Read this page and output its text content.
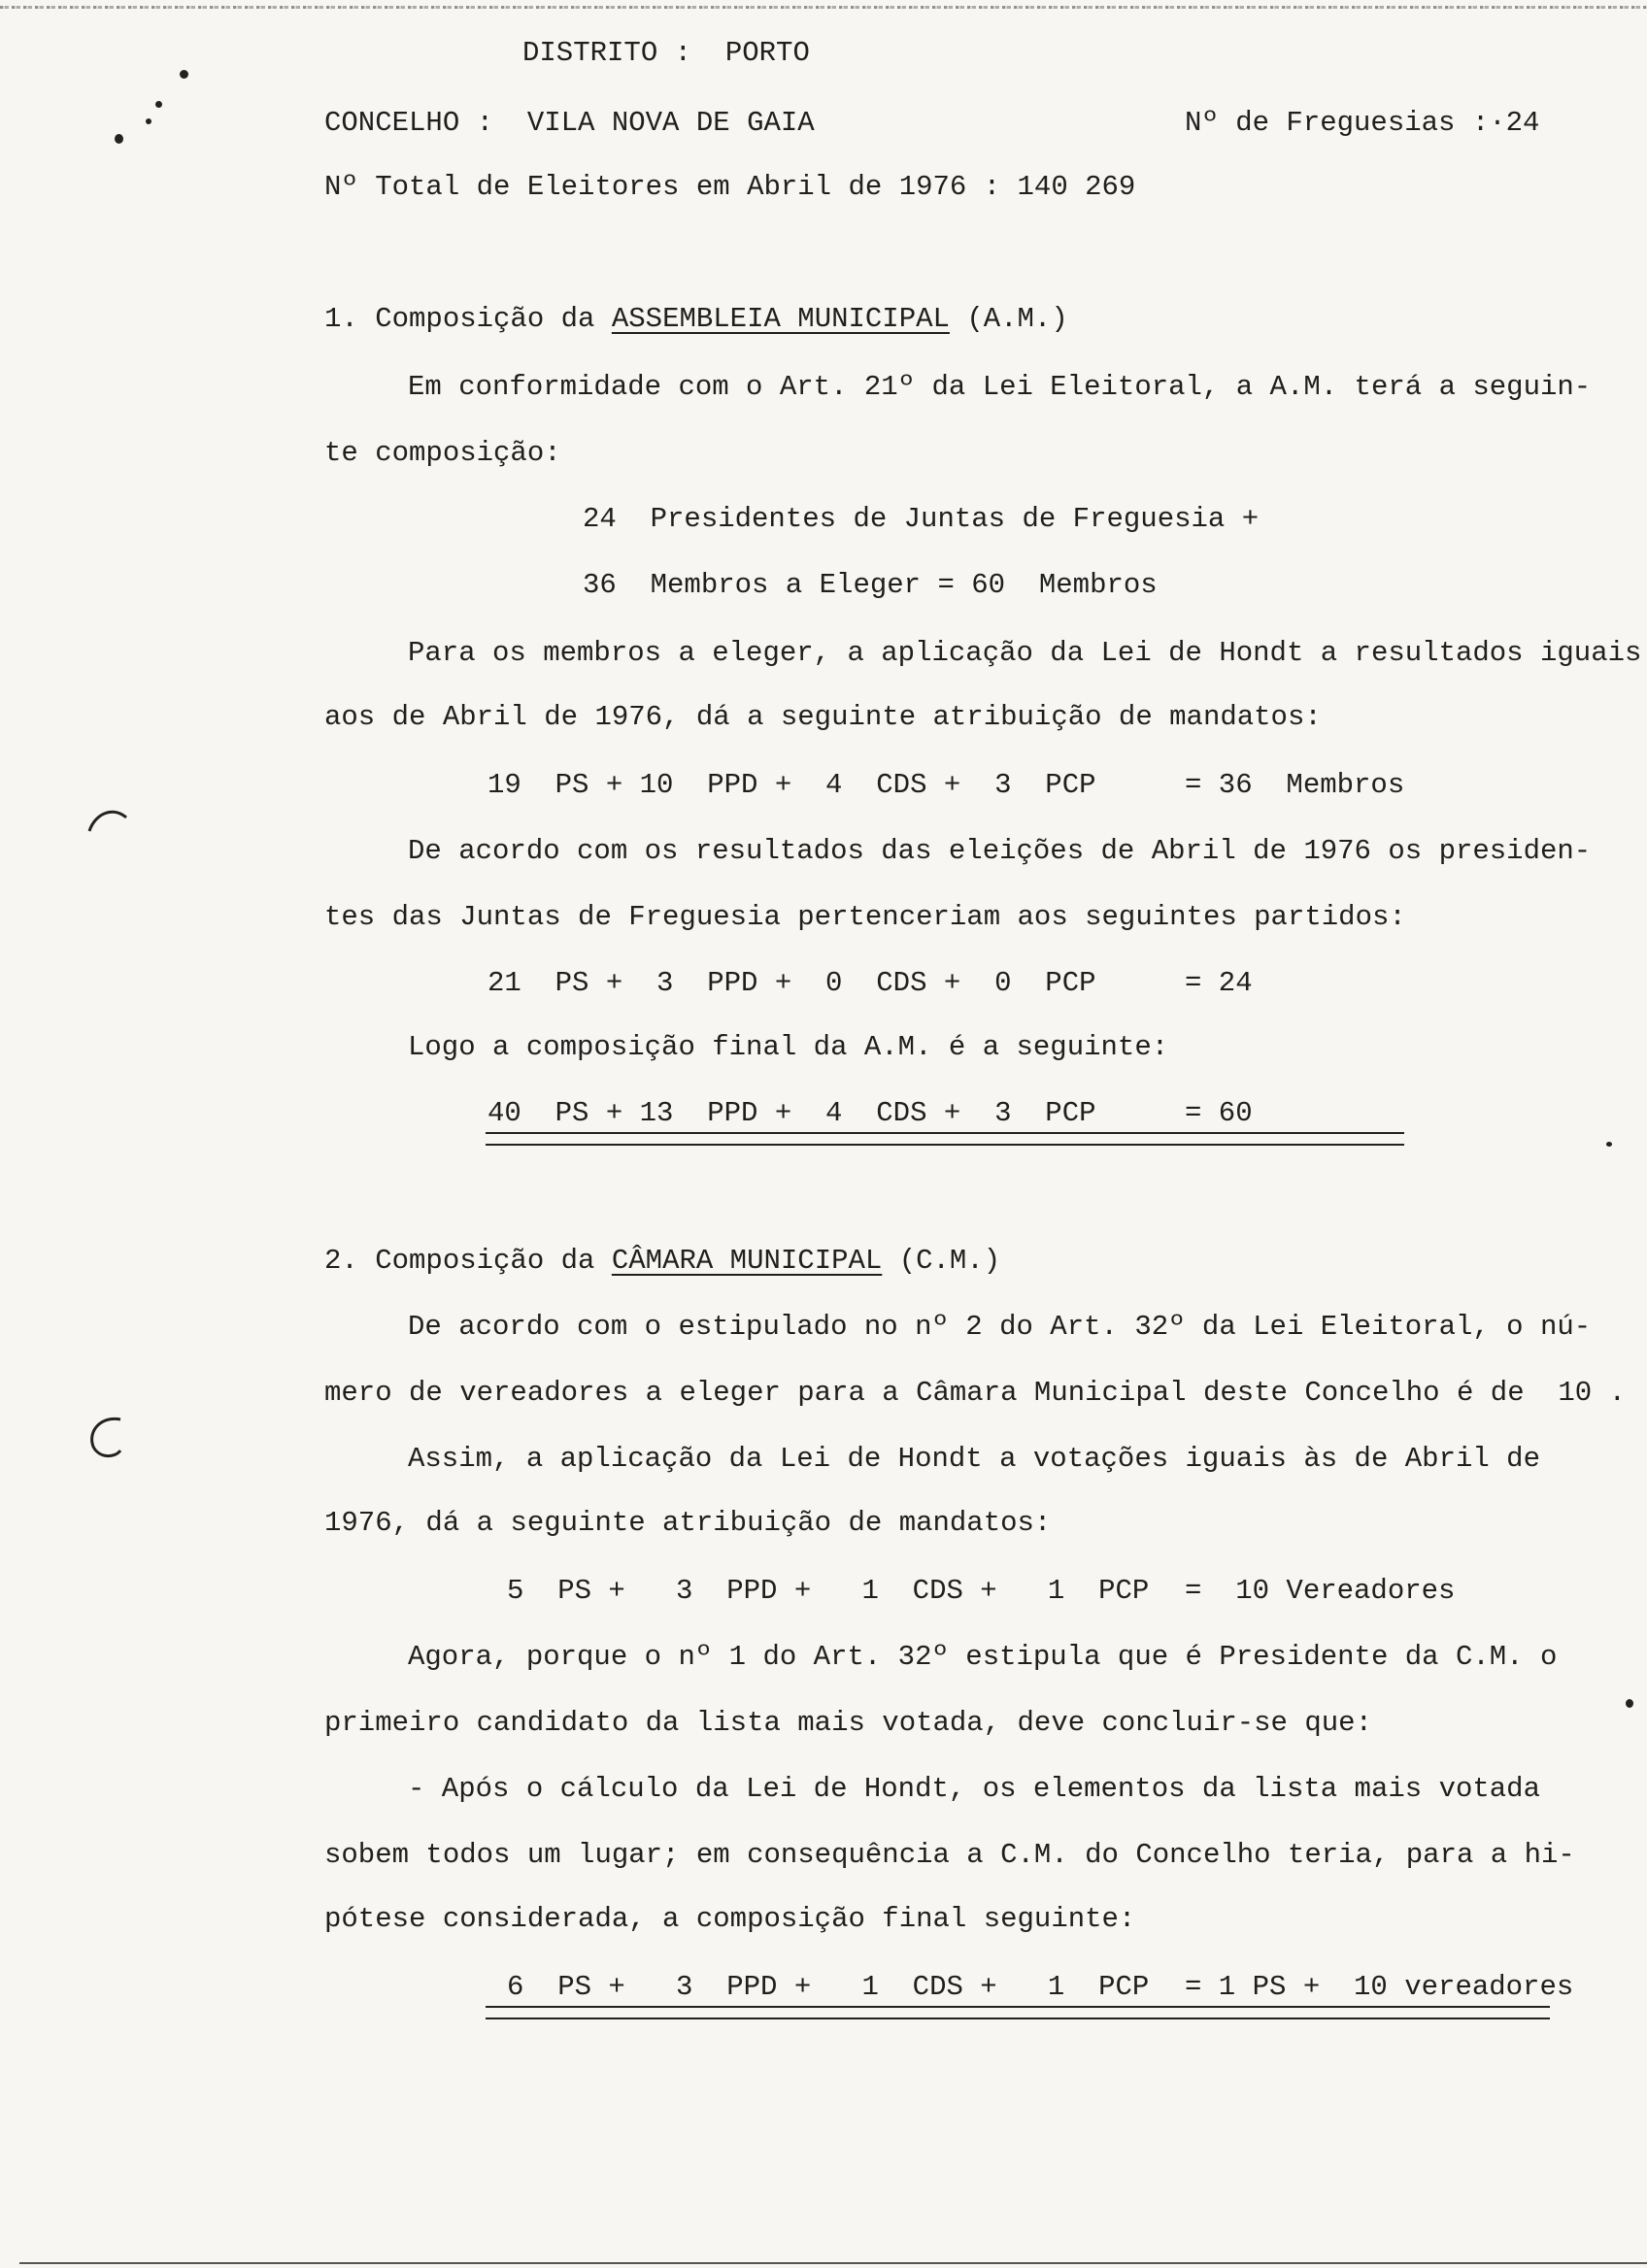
DISTRITO :  PORTO
CONCELHO :  VILA NOVA DE GAIA	Nº de Freguesias :·24
Nº Total de Eleitores em Abril de 1976 : 140 269
1. Composição da ASSEMBLEIA MUNICIPAL (A.M.)
Em conformidade com o Art. 21º da Lei Eleitoral, a A.M. terá a seguin-
te composição:
24  Presidentes de Juntas de Freguesia +
36  Membros a Eleger = 60  Membros
Para os membros a eleger, a aplicação da Lei de Hondt a resultados iguais
aos de Abril de 1976, dá a seguinte atribuição de mandatos:
19  PS + 10  PPD +  4  CDS +  3  PCP	= 36  Membros
De acordo com os resultados das eleições de Abril de 1976 os presiden-
tes das Juntas de Freguesia pertenceriam aos seguintes partidos:
21  PS +  3  PPD +  0  CDS +  0  PCP	= 24
Logo a composição final da A.M. é a seguinte:
40  PS + 13  PPD +  4  CDS +  3  PCP	= 60
2. Composição da CÂMARA MUNICIPAL (C.M.)
De acordo com o estipulado no nº 2 do Art. 32º da Lei Eleitoral, o nú-
mero de vereadores a eleger para a Câmara Municipal deste Concelho é de  10 .
Assim, a aplicação da Lei de Hondt a votações iguais às de Abril de
1976, dá a seguinte atribuição de mandatos:
5  PS +   3  PPD +   1  CDS +   1  PCP =  10 Vereadores
Agora, porque o nº 1 do Art. 32º estipula que é Presidente da C.M. o
primeiro candidato da lista mais votada, deve concluir-se que:
- Após o cálculo da Lei de Hondt, os elementos da lista mais votada
sobem todos um lugar; em consequência a C.M. do Concelho teria, para a hi-
pótese considerada, a composição final seguinte:
6  PS +   3  PPD +   1  CDS +   1  PCP = 1 PS +  10 vereadores
